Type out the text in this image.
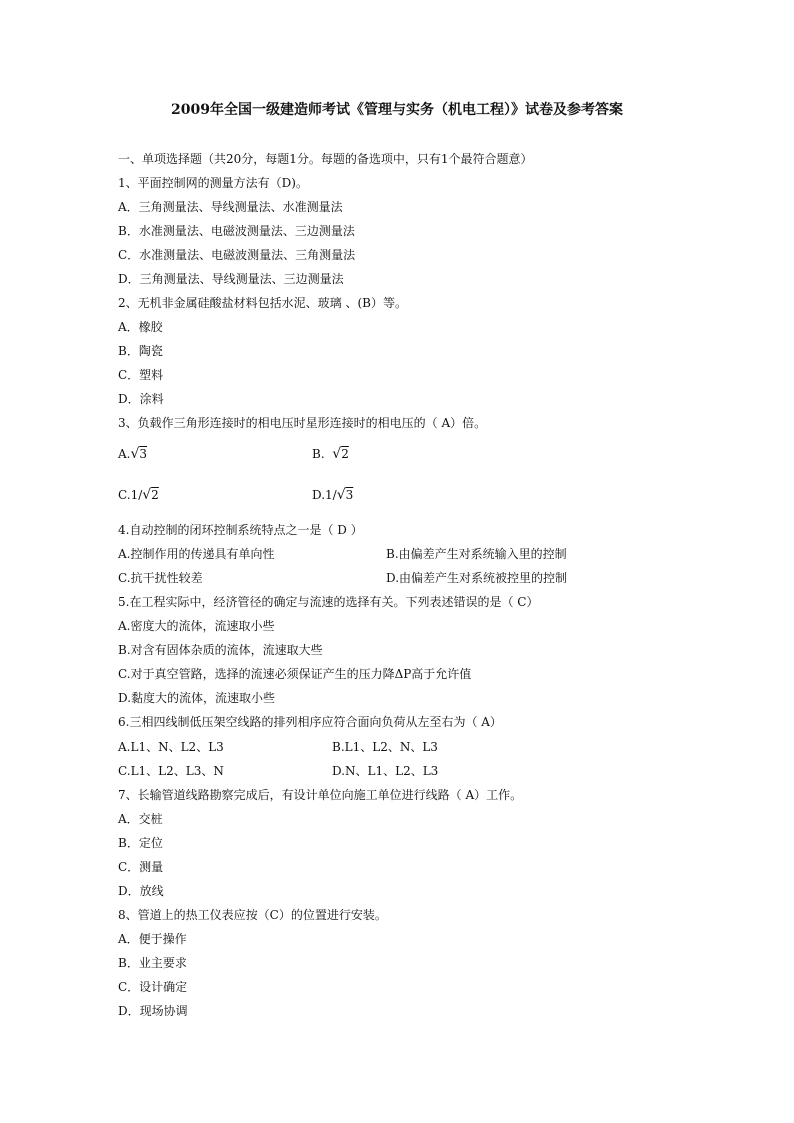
2009年全国一级建造师考试《管理与实务（机电工程）》试卷及参考答案
一、单项选择题（共20分，每题1分。每题的备选项中，只有1个最符合题意）
1、平面控制网的测量方法有（D)。
A．三角测量法、导线测量法、水准测量法
B．水准测量法、电磁波测量法、三边测量法
C．水准测量法、电磁波测量法、三角测量法
D．三角测量法、导线测量法、三边测量法
2、无机非金属硅酸盐材料包括水泥、玻璃 、(B）等。
A．橡胶
B．陶瓷
C．塑料
D．涂料
3、负载作三角形连接时的相电压时星形连接时的相电压的（ A）倍。
A.√3	B. √2
C.1/√2	D.1/√3
4.自动控制的闭环控制系统特点之一是（ D ）
A.控制作用的传递具有单向性	B.由偏差产生对系统输入里的控制
C.抗干扰性较差	D.由偏差产生对系统被控里的控制
5.在工程实际中，经济管径的确定与流速的选择有关。下列表述错误的是（ C）
A.密度大的流体，流速取小些
B.对含有固体杂质的流体，流速取大些
C.对于真空管路，选择的流速必须保证产生的压力降ΔP高于允许值
D.黏度大的流体，流速取小些
6.三相四线制低压架空线路的排列相序应符合面向负荷从左至右为（ A）
A.L1、N、L2、L3	B.L1、L2、N、L3
C.L1、L2、L3、N	D.N、L1、L2、L3
7、长输管道线路勘察完成后，有设计单位向施工单位进行线路（ A）工作。
A．交桩
B．定位
C．测量
D．放线
8、管道上的热工仪表应按（C）的位置进行安装。
A．便于操作
B．业主要求
C．设计确定
D．现场协调
